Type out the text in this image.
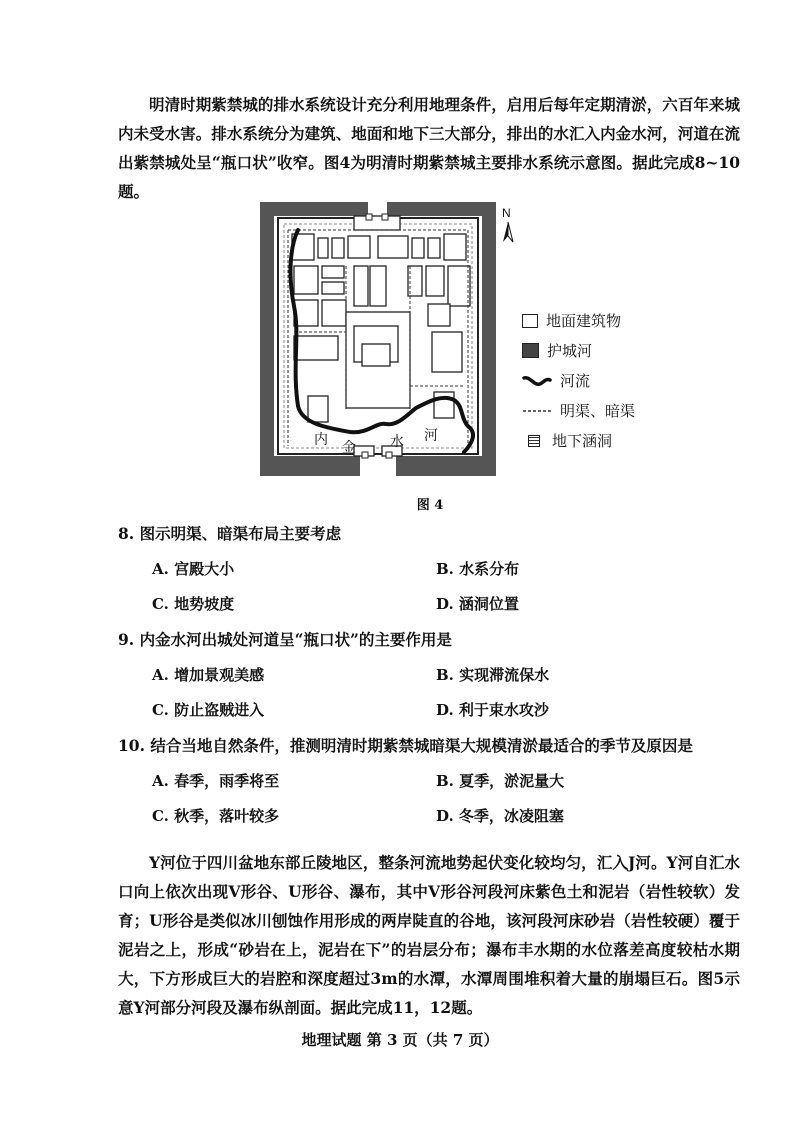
明清时期紫禁城的排水系统设计充分利用地理条件，启用后每年定期清淤，六百年来城内未受水害。排水系统分为建筑、地面和地下三大部分，排出的水汇入内金水河，河道在流出紫禁城处呈“瓶口状”收窄。图4为明清时期紫禁城主要排水系统示意图。据此完成8~10题。

内 金 水 河
N
地面建筑物
护城河
河流
明渠、暗渠
地下涵洞
图 4

8. 图示明渠、暗渠布局主要考虑

A. 宫殿大小	B. 水系分布

C. 地势坡度	D. 涵洞位置

9. 内金水河出城处河道呈“瓶口状”的主要作用是

A. 增加景观美感	B. 实现滞流保水

C. 防止盗贼进入	D. 利于束水攻沙

10. 结合当地自然条件，推测明清时期紫禁城暗渠大规模清淤最适合的季节及原因是

A. 春季，雨季将至	B. 夏季，淤泥量大

C. 秋季，落叶较多	D. 冬季，冰凌阻塞

Y河位于四川盆地东部丘陵地区，整条河流地势起伏变化较均匀，汇入J河。Y河自汇水口向上依次出现V形谷、U形谷、瀑布，其中V形谷河段河床紫色土和泥岩（岩性较软）发育；U形谷是类似冰川刨蚀作用形成的两岸陡直的谷地，该河段河床砂岩（岩性较硬）覆于泥岩之上，形成“砂岩在上，泥岩在下”的岩层分布；瀑布丰水期的水位落差高度较枯水期大，下方形成巨大的岩腔和深度超过3m的水潭，水潭周围堆积着大量的崩塌巨石。图5示意Y河部分河段及瀑布纵剖面。据此完成11，12题。

地理试题 第 3 页（共 7 页）
